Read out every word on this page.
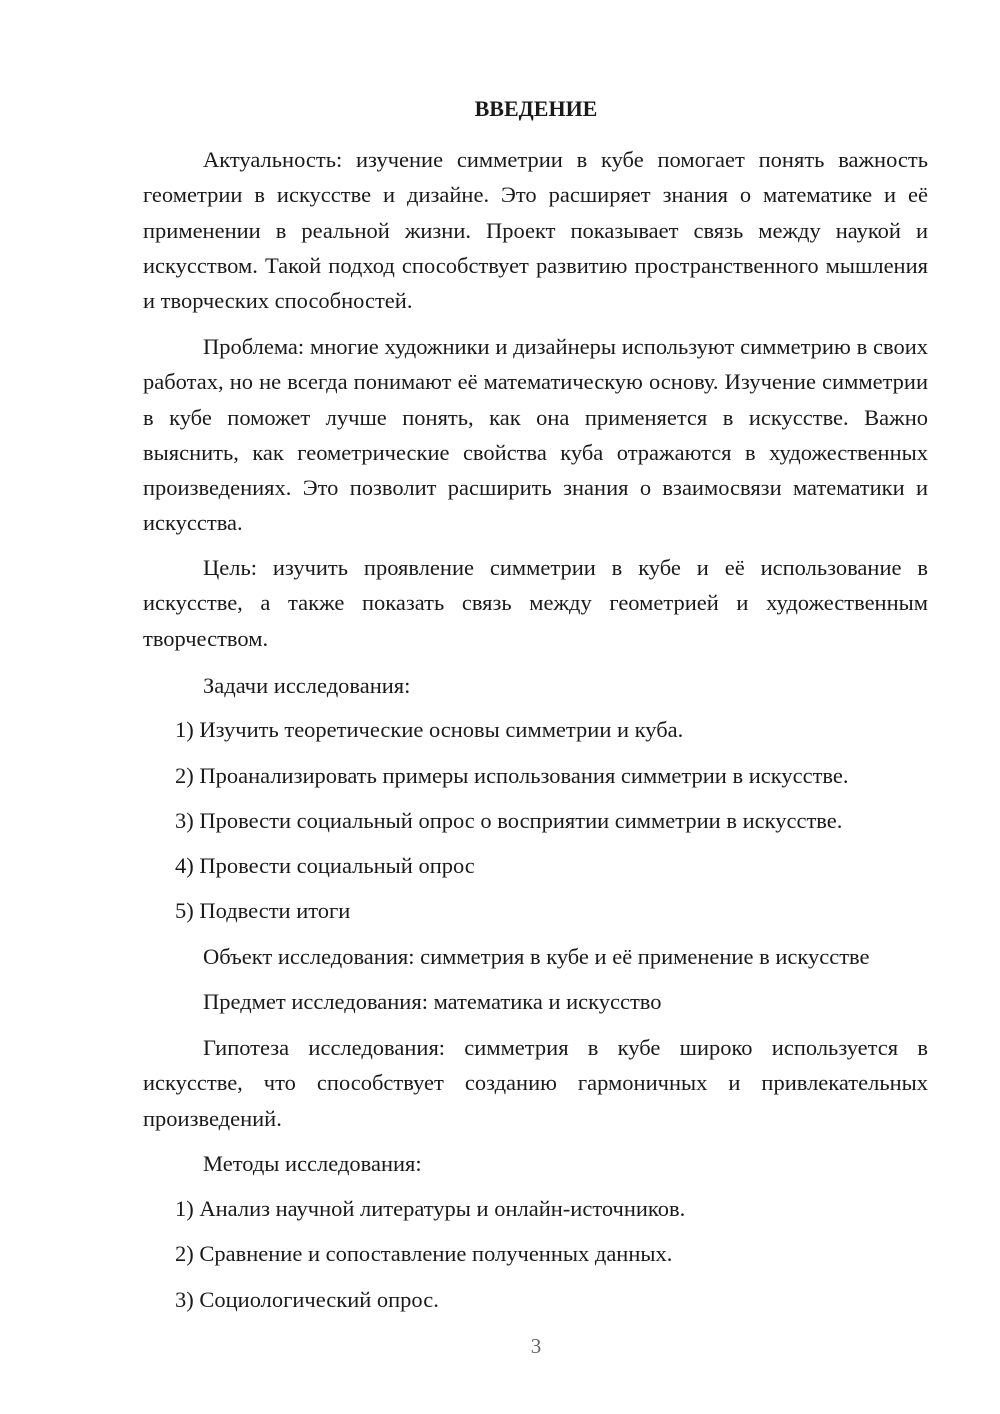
ВВЕДЕНИЕ

Актуальность: изучение симметрии в кубе помогает понять важность геометрии в искусстве и дизайне. Это расширяет знания о математике и её применении в реальной жизни. Проект показывает связь между наукой и искусством. Такой подход способствует развитию пространственного мышления и творческих способностей.

Проблема: многие художники и дизайнеры используют симметрию в своих работах, но не всегда понимают её математическую основу. Изучение симметрии в кубе поможет лучше понять, как она применяется в искусстве. Важно выяснить, как геометрические свойства куба отражаются в художественных произведениях. Это позволит расширить знания о взаимосвязи математики и искусства.

Цель: изучить проявление симметрии в кубе и её использование в искусстве, а также показать связь между геометрией и художественным творчеством.

Задачи исследования:

1) Изучить теоретические основы симметрии и куба.

2) Проанализировать примеры использования симметрии в искусстве.

3) Провести социальный опрос о восприятии симметрии в искусстве.

4) Провести социальный опрос

5) Подвести итоги

Объект исследования: симметрия в кубе и её применение в искусстве

Предмет исследования: математика и искусство

Гипотеза исследования: симметрия в кубе широко используется в искусстве, что способствует созданию гармоничных и привлекательных произведений.

Методы исследования:

1) Анализ научной литературы и онлайн-источников.

2) Сравнение и сопоставление полученных данных.

3) Социологический опрос.

3
